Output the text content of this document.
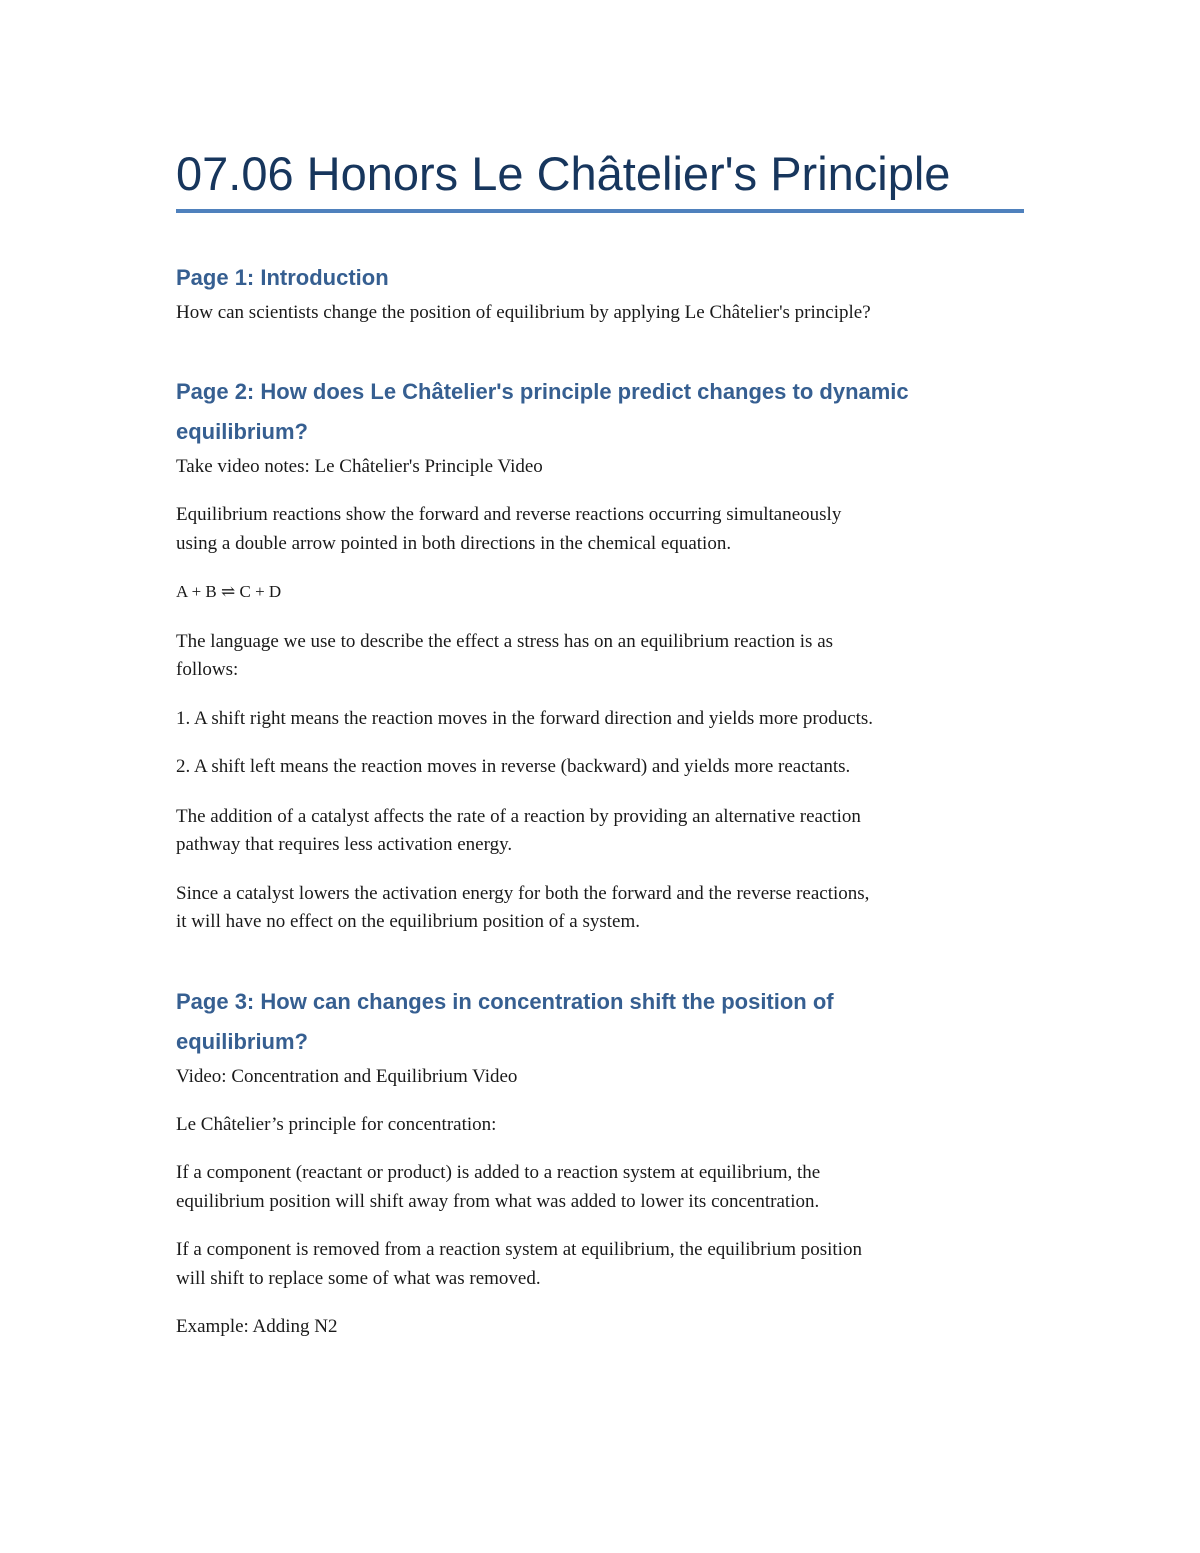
07.06 Honors Le Châtelier's Principle
Page 1: Introduction
How can scientists change the position of equilibrium by applying Le Châtelier's principle?
Page 2: How does Le Châtelier's principle predict changes to dynamic
equilibrium?
Take video notes: Le Châtelier's Principle Video
Equilibrium reactions show the forward and reverse reactions occurring simultaneously
using a double arrow pointed in both directions in the chemical equation.
A + B ⇌ C + D
The language we use to describe the effect a stress has on an equilibrium reaction is as
follows:
1. A shift right means the reaction moves in the forward direction and yields more products.
2. A shift left means the reaction moves in reverse (backward) and yields more reactants.
The addition of a catalyst affects the rate of a reaction by providing an alternative reaction
pathway that requires less activation energy.
Since a catalyst lowers the activation energy for both the forward and the reverse reactions,
it will have no effect on the equilibrium position of a system.
Page 3: How can changes in concentration shift the position of
equilibrium?
Video: Concentration and Equilibrium Video
Le Châtelier’s principle for concentration:
If a component (reactant or product) is added to a reaction system at equilibrium, the
equilibrium position will shift away from what was added to lower its concentration.
If a component is removed from a reaction system at equilibrium, the equilibrium position
will shift to replace some of what was removed.
Example: Adding N2
